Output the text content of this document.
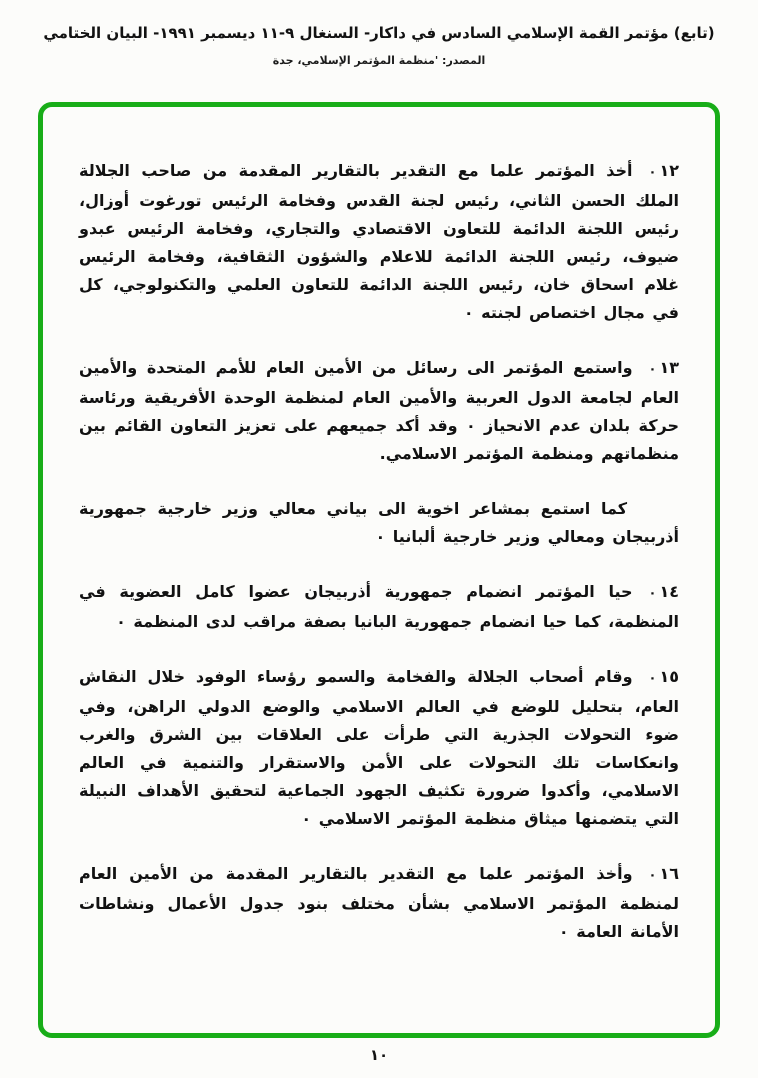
(تابع) مؤتمر القمة الإسلامي السادس في داكار- السنغال ٩-١١ ديسمبر ١٩٩١- البيان الختامي
المصدر: 'منظمة المؤتمر الإسلامي، جدة

١٢٠أخذ المؤتمر علما مع التقدير بالتقارير المقدمة من صاحب الجلالة الملك الحسن الثاني، رئيس لجنة القدس وفخامة الرئيس تورغوت أوزال، رئيس اللجنة الدائمة للتعاون الاقتصادي والتجاري، وفخامة الرئيس عبدو ضيوف، رئيس اللجنة الدائمة للاعلام والشؤون الثقافية، وفخامة الرئيس غلام اسحاق خان، رئيس اللجنة الدائمة للتعاون العلمي والتكنولوجي، كل في مجال اختصاص لجنته ٠

١٣٠واستمع المؤتمر الى رسائل من الأمين العام للأمم المتحدة والأمين العام لجامعة الدول العربية والأمين العام لمنظمة الوحدة الأفريقية ورئاسة حركة بلدان عدم الانحياز ٠ وقد أكد جميعهم على تعزيز التعاون القائم بين منظماتهم ومنظمة المؤتمر الاسلامي.

كما استمع بمشاعر اخوية الى بياني معالي وزير خارجية جمهورية أذربيجان ومعالي وزير خارجية ألبانيا ٠

١٤٠حيا المؤتمر انضمام جمهورية أذربيجان عضوا كامل العضوية في المنظمة، كما حيا انضمام جمهورية البانيا بصفة مراقب لدى المنظمة ٠

١٥٠وقام أصحاب الجلالة والفخامة والسمو رؤساء الوفود خلال النقاش العام، بتحليل للوضع في العالم الاسلامي والوضع الدولي الراهن، وفي ضوء التحولات الجذرية التي طرأت على العلاقات بين الشرق والغرب وانعكاسات تلك التحولات على الأمن والاستقرار والتنمية في العالم الاسلامي، وأكدوا ضرورة تكثيف الجهود الجماعية لتحقيق الأهداف النبيلة التي يتضمنها ميثاق منظمة المؤتمر الاسلامي ٠

١٦٠وأخذ المؤتمر علما مع التقدير بالتقارير المقدمة من الأمين العام لمنظمة المؤتمر الاسلامي بشأن مختلف بنود جدول الأعمال ونشاطات الأمانة العامة ٠

١٠
